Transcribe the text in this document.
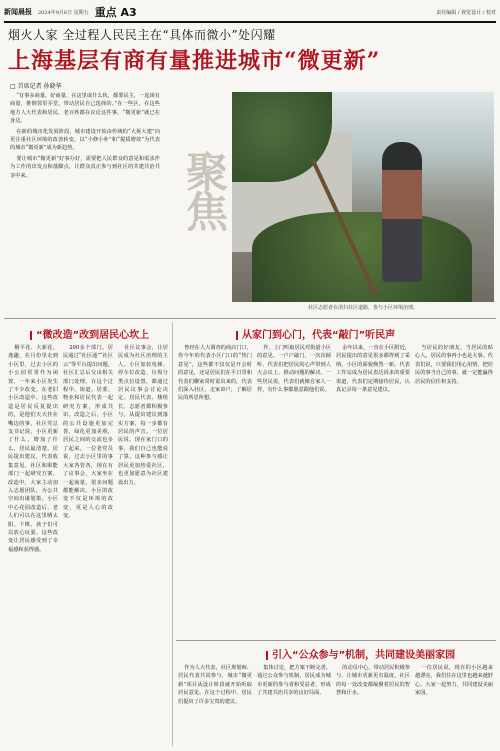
新闻晨报 2024年9月6日 星期五 重点 A3	责任编辑 / 视觉设计 / 校对
烟火人家 全过程人民民主在“具体而微小”处闪耀
上海基层有商有量推进城市“微更新”
□ 首席记者 孙晓华

“有事多商量、好商量、在这里成什么伙，都要民主，一起谈有商量，推倒邻里弄堂，带动居民自己选择的。”在一些区，在这些地方人大代表和居民，老百姓都在议论这件事，“微更新”就已在身边。

在新的城市化发展阶段，城市建设开始由传统的“大拆大建”向更注重社区环境的改善转变，以“小修小补”和“提质增效”为代表的城市“微更新”成为新趋势。

要让城市“微更新”好事办好，需要把人民群众的意见和需求作为工作的出发点和落脚点，让群众真正参与到社区的共建共治共享中来。	聚焦
社区志愿者在清扫社区道路，参与小区环境治理。
“微改造”改到居民心坎上

桐平花、大新花、逸趣，在月份里走到小区里，过去小区的小公园常常作为闲置，一年来小区发生了不少改变。在老旧小区改造中，这些改造是居民反复提出的，是他们天天挂在嘴边的事。社区党总支书记说，小区更新了什么，增加了什么，居民最清楚。居民提出建议，代表收集意见，社区和职能部门一起研究方案。改造中，大家主动加入志愿团队，为公共空间出谋划策。小区中心花园改造后，老人们可以在这里晒太阳、下棋，孩子们可以放心玩耍。这些改变让居民感受到了幸福感和获得感。

200多个部门。居民通过“社区通”“社区云”等平台提出问题，社区汇总后交由相关部门处理。在这个过程中，街道、居委、物业和居民代表一起研究方案，形成共识。改造之后，小区的公共设施更加完善，绿化更加美观，居民之间的交流也多了起来。一位老党员说，过去小区里的事大家各管各，现在有了议事会，大家坐在一起商量，很多问题都能解决。小区的改变不仅是环境的改变，更是人心的改变。

社区议事会，让居民成为社区治理的主人。小区加装电梯、停车位改造、垃圾分类点位设置，都通过居民议事会讨论决定。居民代表、楼组长、志愿者都积极参与，从提出建议到落实方案，每一步都有居民的声音。一位居民说，现在家门口的事，我们自己也能说了算。这种参与感让居民更加热爱社区，也更加愿意为社区建设出力。

从家门到心门，代表“敲门”听民声

曾经在人大调查的商店门口，你今年的代表小区门口的“热门意见”，这些都不仅仅是开会时的意见，还是居民们在平日里和代表们聊家常时说出来的。代表们深入社区，走家串户，了解居民的所思所想。

作，上门听取居民对街道小区的意见。一户户敲门，一次次倾听，代表们把居民的心声带到人大会议上，推动问题的解决。一些居民说，代表们就像自家人一样，有什么事都愿意跟他们说。

余年以来，一直在小区附近，居民提出的意见很多都得到了采纳，小区的面貌焕然一新。代表工作站成为居民表达诉求的重要渠道，代表们定期接待居民，认真记录每一条意见建议。

当居民的好朋友，当居民的贴心人。居民的事再小也是大事。代表们说，只要我们用心用情，把居民的事当自己的事，就一定能赢得居民的信任和支持。

引入“公众参与”机制，共同建设美丽家园

作为人大代表，社区规划师、居民代表共同参与，城市“微更新”项目从设计阶段就开始听取居民意见。在这个过程中，居民们提出了许多宝贵的建议。

集体讨论，把方案不断完善。通过公众参与机制，居民成为城市更新的参与者和受益者，形成了共建共治共享的良好局面。

的动员中心，带动居民积极参与，让城市更新更有温度。社区的每一处改变都凝聚着居民的智慧和汗水。

一位居民说，现在的小区越来越漂亮，我们住在这里也越来越舒心。大家一起努力，共同建设美丽家园。
